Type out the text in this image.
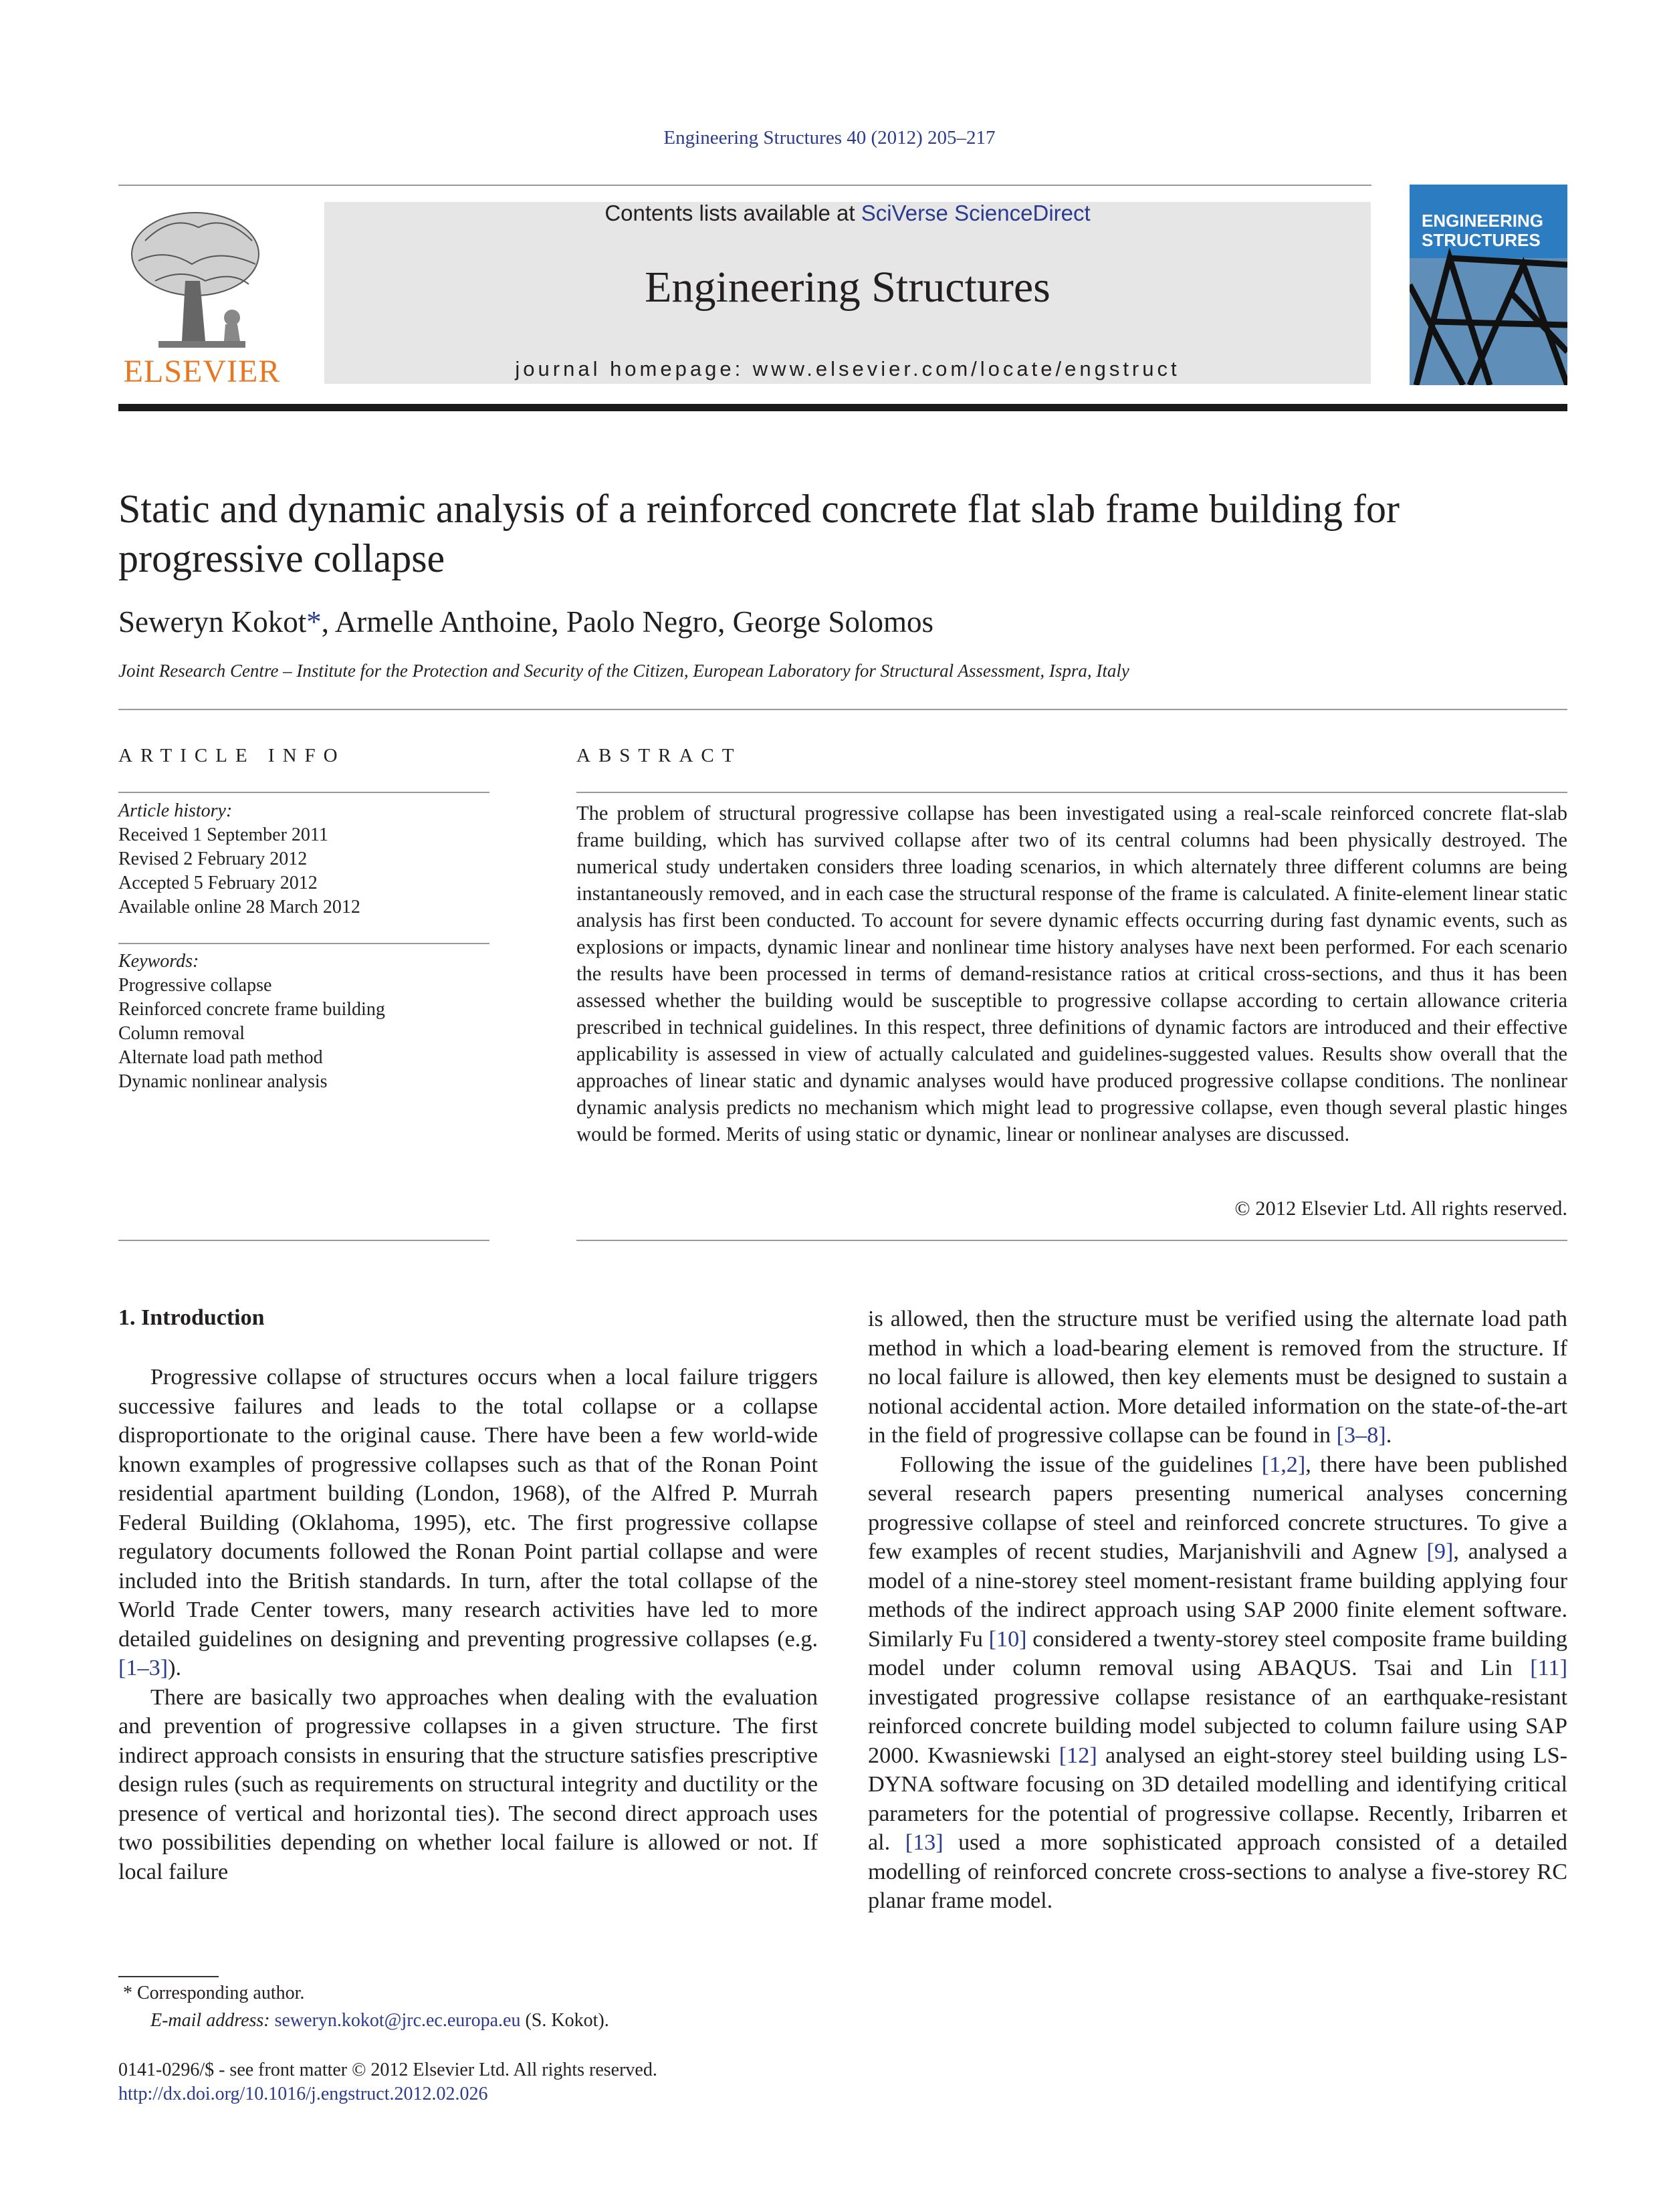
Engineering Structures 40 (2012) 205–217
ELSEVIER
Contents lists available at SciVerse ScienceDirect
Engineering Structures
journal homepage: www.elsevier.com/locate/engstruct
ENGINEERING
STRUCTURES
Static and dynamic analysis of a reinforced concrete flat slab frame building for progressive collapse
Seweryn Kokot*, Armelle Anthoine, Paolo Negro, George Solomos
Joint Research Centre – Institute for the Protection and Security of the Citizen, European Laboratory for Structural Assessment, Ispra, Italy
ARTICLE INFO
Article history:
Received 1 September 2011
Revised 2 February 2012
Accepted 5 February 2012
Available online 28 March 2012
Keywords:
Progressive collapse
Reinforced concrete frame building
Column removal
Alternate load path method
Dynamic nonlinear analysis
ABSTRACT

The problem of structural progressive collapse has been investigated using a real-scale reinforced concrete flat-slab frame building, which has survived collapse after two of its central columns had been physically destroyed. The numerical study undertaken considers three loading scenarios, in which alternately three different columns are being instantaneously removed, and in each case the structural response of the frame is calculated. A finite-element linear static analysis has first been conducted. To account for severe dynamic effects occurring during fast dynamic events, such as explosions or impacts, dynamic linear and nonlinear time history analyses have next been performed. For each scenario the results have been processed in terms of demand-resistance ratios at critical cross-sections, and thus it has been assessed whether the building would be susceptible to progressive collapse according to certain allowance criteria prescribed in technical guidelines. In this respect, three definitions of dynamic factors are introduced and their effective applicability is assessed in view of actually calculated and guidelines-suggested values. Results show overall that the approaches of linear static and dynamic analyses would have produced progressive collapse conditions. The nonlinear dynamic analysis predicts no mechanism which might lead to progressive collapse, even though several plastic hinges would be formed. Merits of using static or dynamic, linear or nonlinear analyses are discussed.

© 2012 Elsevier Ltd. All rights reserved.
1. Introduction

Progressive collapse of structures occurs when a local failure triggers successive failures and leads to the total collapse or a collapse disproportionate to the original cause. There have been a few world-wide known examples of progressive collapses such as that of the Ronan Point residential apartment building (London, 1968), of the Alfred P. Murrah Federal Building (Oklahoma, 1995), etc. The first progressive collapse regulatory documents followed the Ronan Point partial collapse and were included into the British standards. In turn, after the total collapse of the World Trade Center towers, many research activities have led to more detailed guidelines on designing and preventing progressive collapses (e.g. [1–3]).

There are basically two approaches when dealing with the evaluation and prevention of progressive collapses in a given structure. The first indirect approach consists in ensuring that the structure satisfies prescriptive design rules (such as requirements on structural integrity and ductility or the presence of vertical and horizontal ties). The second direct approach uses two possibilities depending on whether local failure is allowed or not. If local failure

is allowed, then the structure must be verified using the alternate load path method in which a load-bearing element is removed from the structure. If no local failure is allowed, then key elements must be designed to sustain a notional accidental action. More detailed information on the state-of-the-art in the field of progressive collapse can be found in [3–8].

Following the issue of the guidelines [1,2], there have been published several research papers presenting numerical analyses concerning progressive collapse of steel and reinforced concrete structures. To give a few examples of recent studies, Marjanishvili and Agnew [9], analysed a model of a nine-storey steel moment-resistant frame building applying four methods of the indirect approach using SAP 2000 finite element software. Similarly Fu [10] considered a twenty-storey steel composite frame building model under column removal using ABAQUS. Tsai and Lin [11] investigated progressive collapse resistance of an earthquake-resistant reinforced concrete building model subjected to column failure using SAP 2000. Kwasniewski [12] analysed an eight-storey steel building using LS-DYNA software focusing on 3D detailed modelling and identifying critical parameters for the potential of progressive collapse. Recently, Iribarren et al. [13] used a more sophisticated approach consisted of a detailed modelling of reinforced concrete cross-sections to analyse a five-storey RC planar frame model.

* Corresponding author.
E-mail address: seweryn.kokot@jrc.ec.europa.eu (S. Kokot).
0141-0296/$ - see front matter © 2012 Elsevier Ltd. All rights reserved.
http://dx.doi.org/10.1016/j.engstruct.2012.02.026
